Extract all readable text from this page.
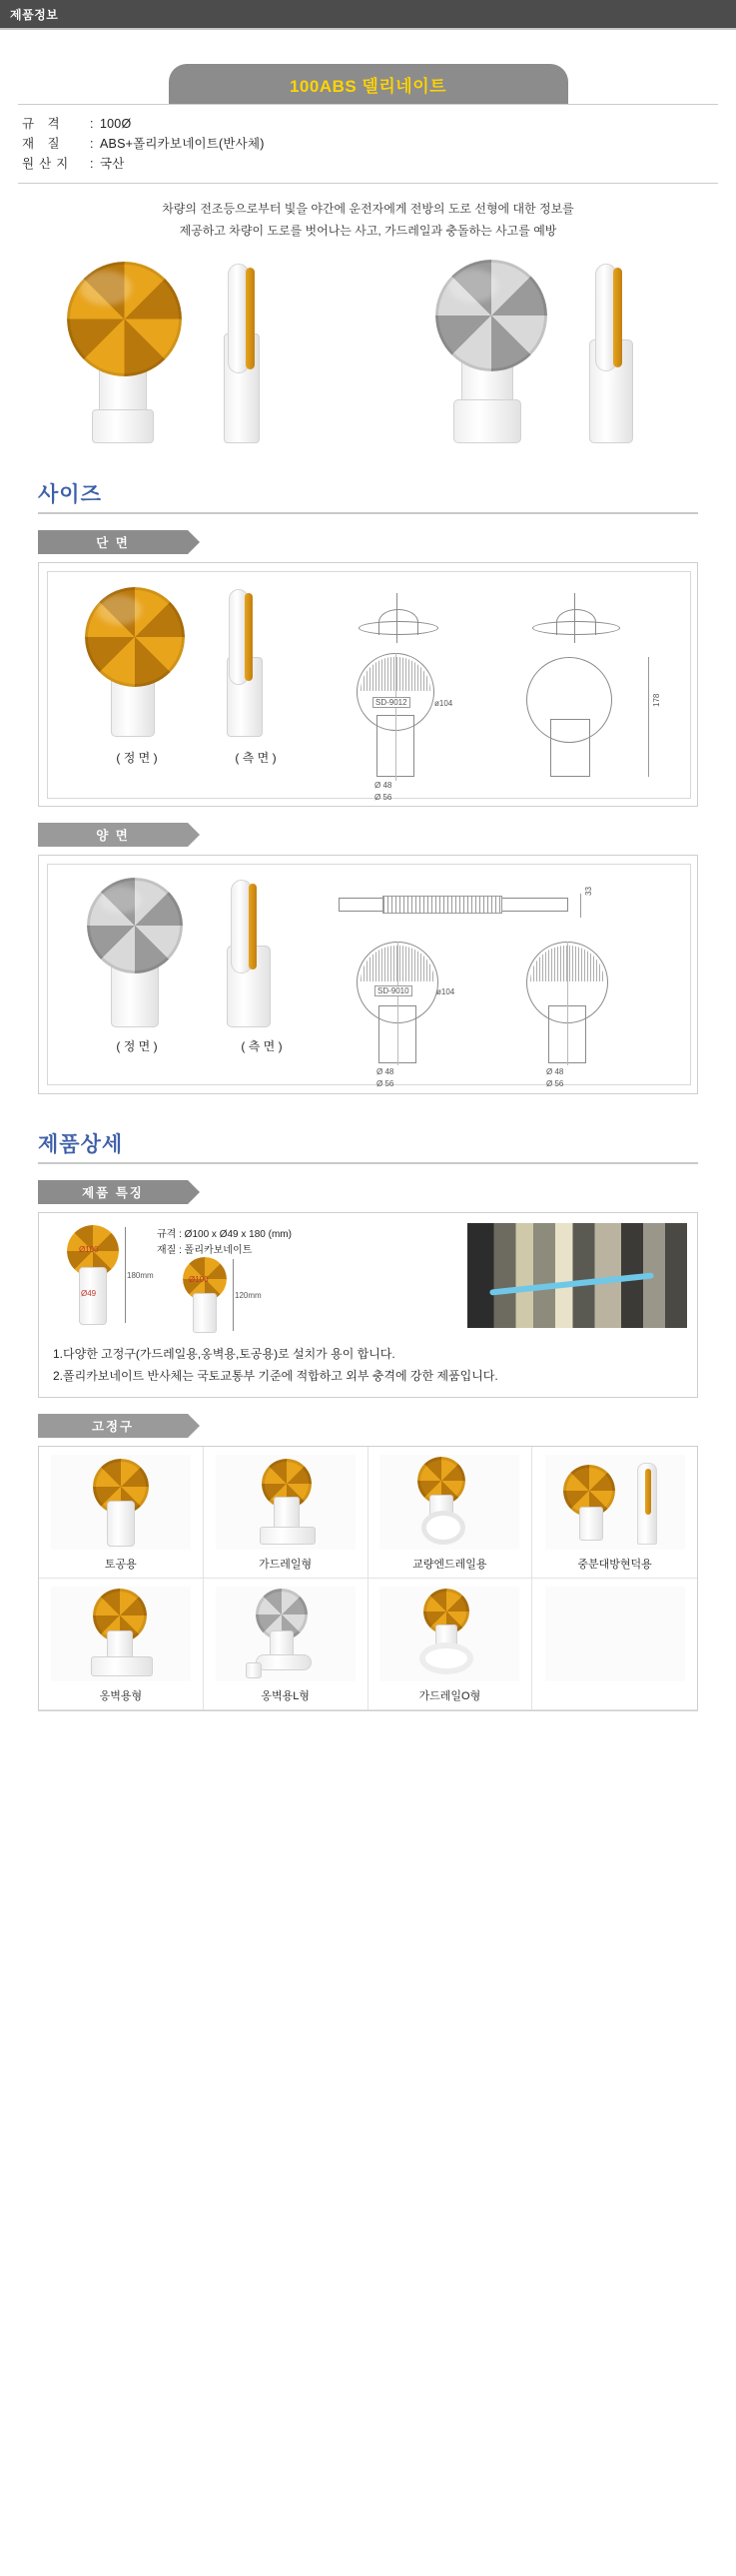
제품정보
100ABS 델리네이트
규 격	: 100Ø
재 질	: ABS+폴리카보네이트(반사체)
원산지	: 국산
차량의 전조등으로부터 빛을 야간에 운전자에게 전방의 도로 선형에 대한 정보를
제공하고 차량이 도로를 벗어나는 사고, 가드레일과 충돌하는 사고를 예방
사이즈
단 면
( 정 면 )	( 측 면 )
ø104
SD-9012
Ø 48
Ø 56
178
양 면
( 정 면 )	( 측 면 )
33
ø104
SD-9010
Ø 48
Ø 56
Ø 48
Ø 56
제품상세
제품 특징
Ø100
Ø49
180mm	Ø100
120mm
규격 : Ø100 x Ø49 x 180 (mm)
재질 : 폴리카보네이트
1.다양한 고정구(가드레일용,옹벽용,토공용)로 설치가 용이 합니다.
2.폴리카보네이트 반사체는 국토교통부 기준에 적합하고 외부 충격에 강한 제품입니다.
고정구
토공용	가드레일형	교량엔드레일용	중분대방현덕용
옹벽용형	옹벽용L형	가드레일O형
